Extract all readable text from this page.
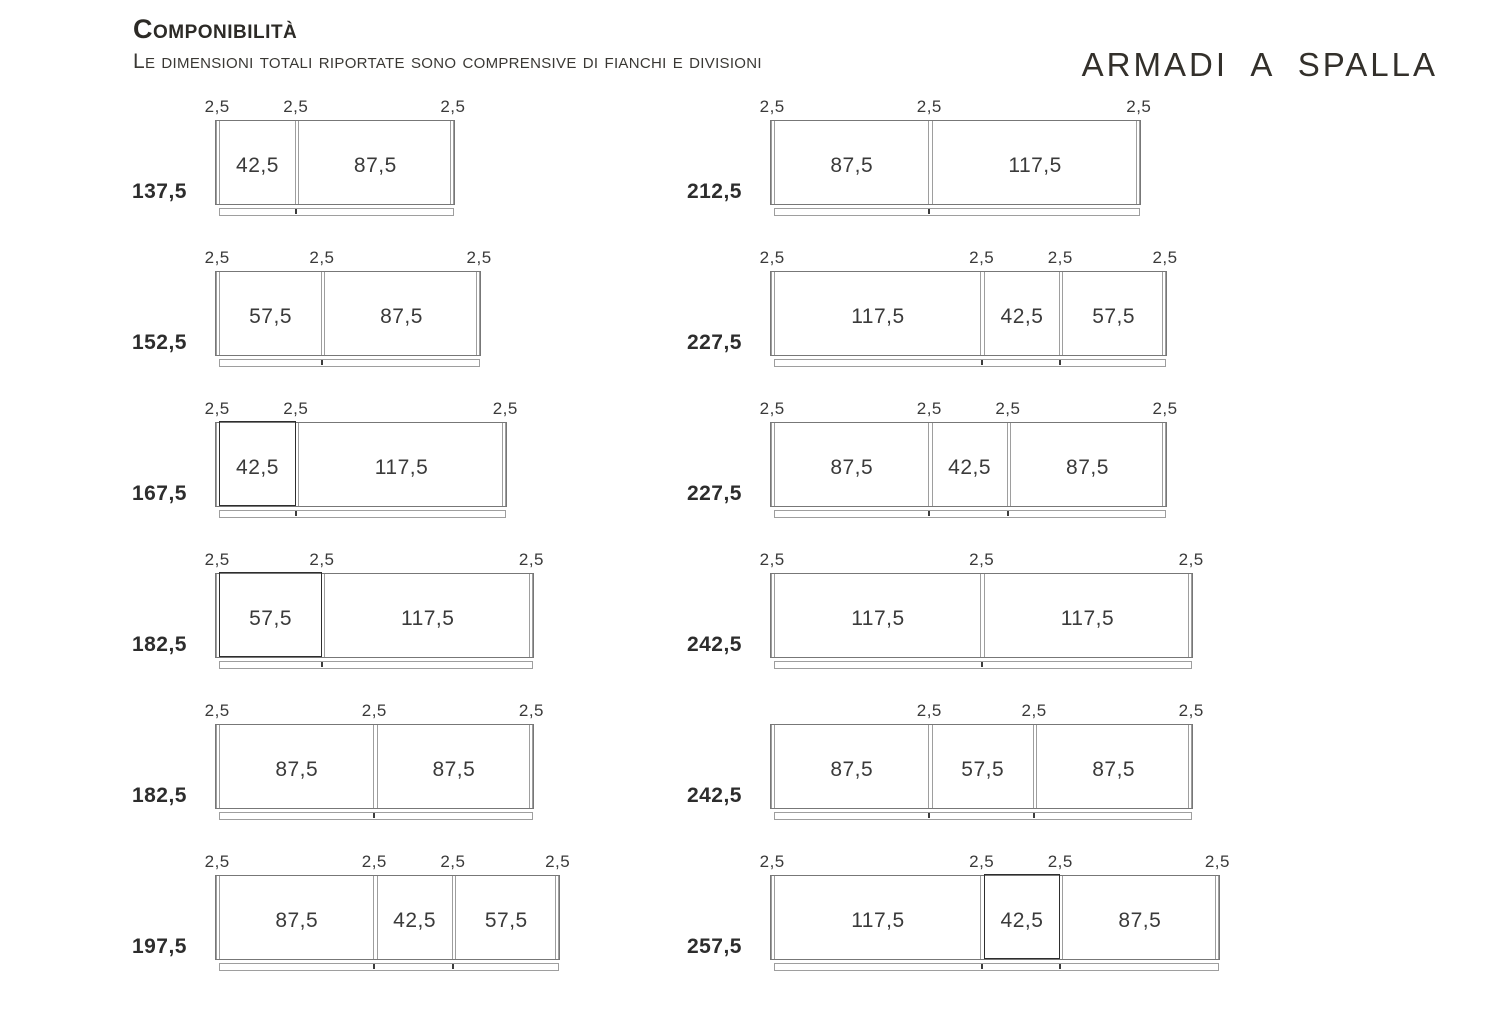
Componibilità
Le dimensioni totali riportate sono comprensive di fianchi e divisioni	ARMADI A SPALLA
137,5
2,5	2,5	2,5
42,5	87,5
152,5
2,5	2,5	2,5
57,5	87,5
167,5
2,5	2,5	2,5
42,5	117,5
182,5
2,5	2,5	2,5
57,5	117,5
182,5
2,5	2,5	2,5
87,5	87,5
197,5
2,5	2,5	2,5	2,5
87,5	42,5	57,5
212,5
2,5	2,5	2,5
87,5	117,5
227,5
2,5	2,5	2,5	2,5
117,5	42,5	57,5
227,5
2,5	2,5	2,5	2,5
87,5	42,5	87,5
242,5
2,5	2,5	2,5
117,5	117,5
242,5
2,5	2,5	2,5
87,5	57,5	87,5
257,5
2,5	2,5	2,5	2,5
117,5	42,5	87,5
